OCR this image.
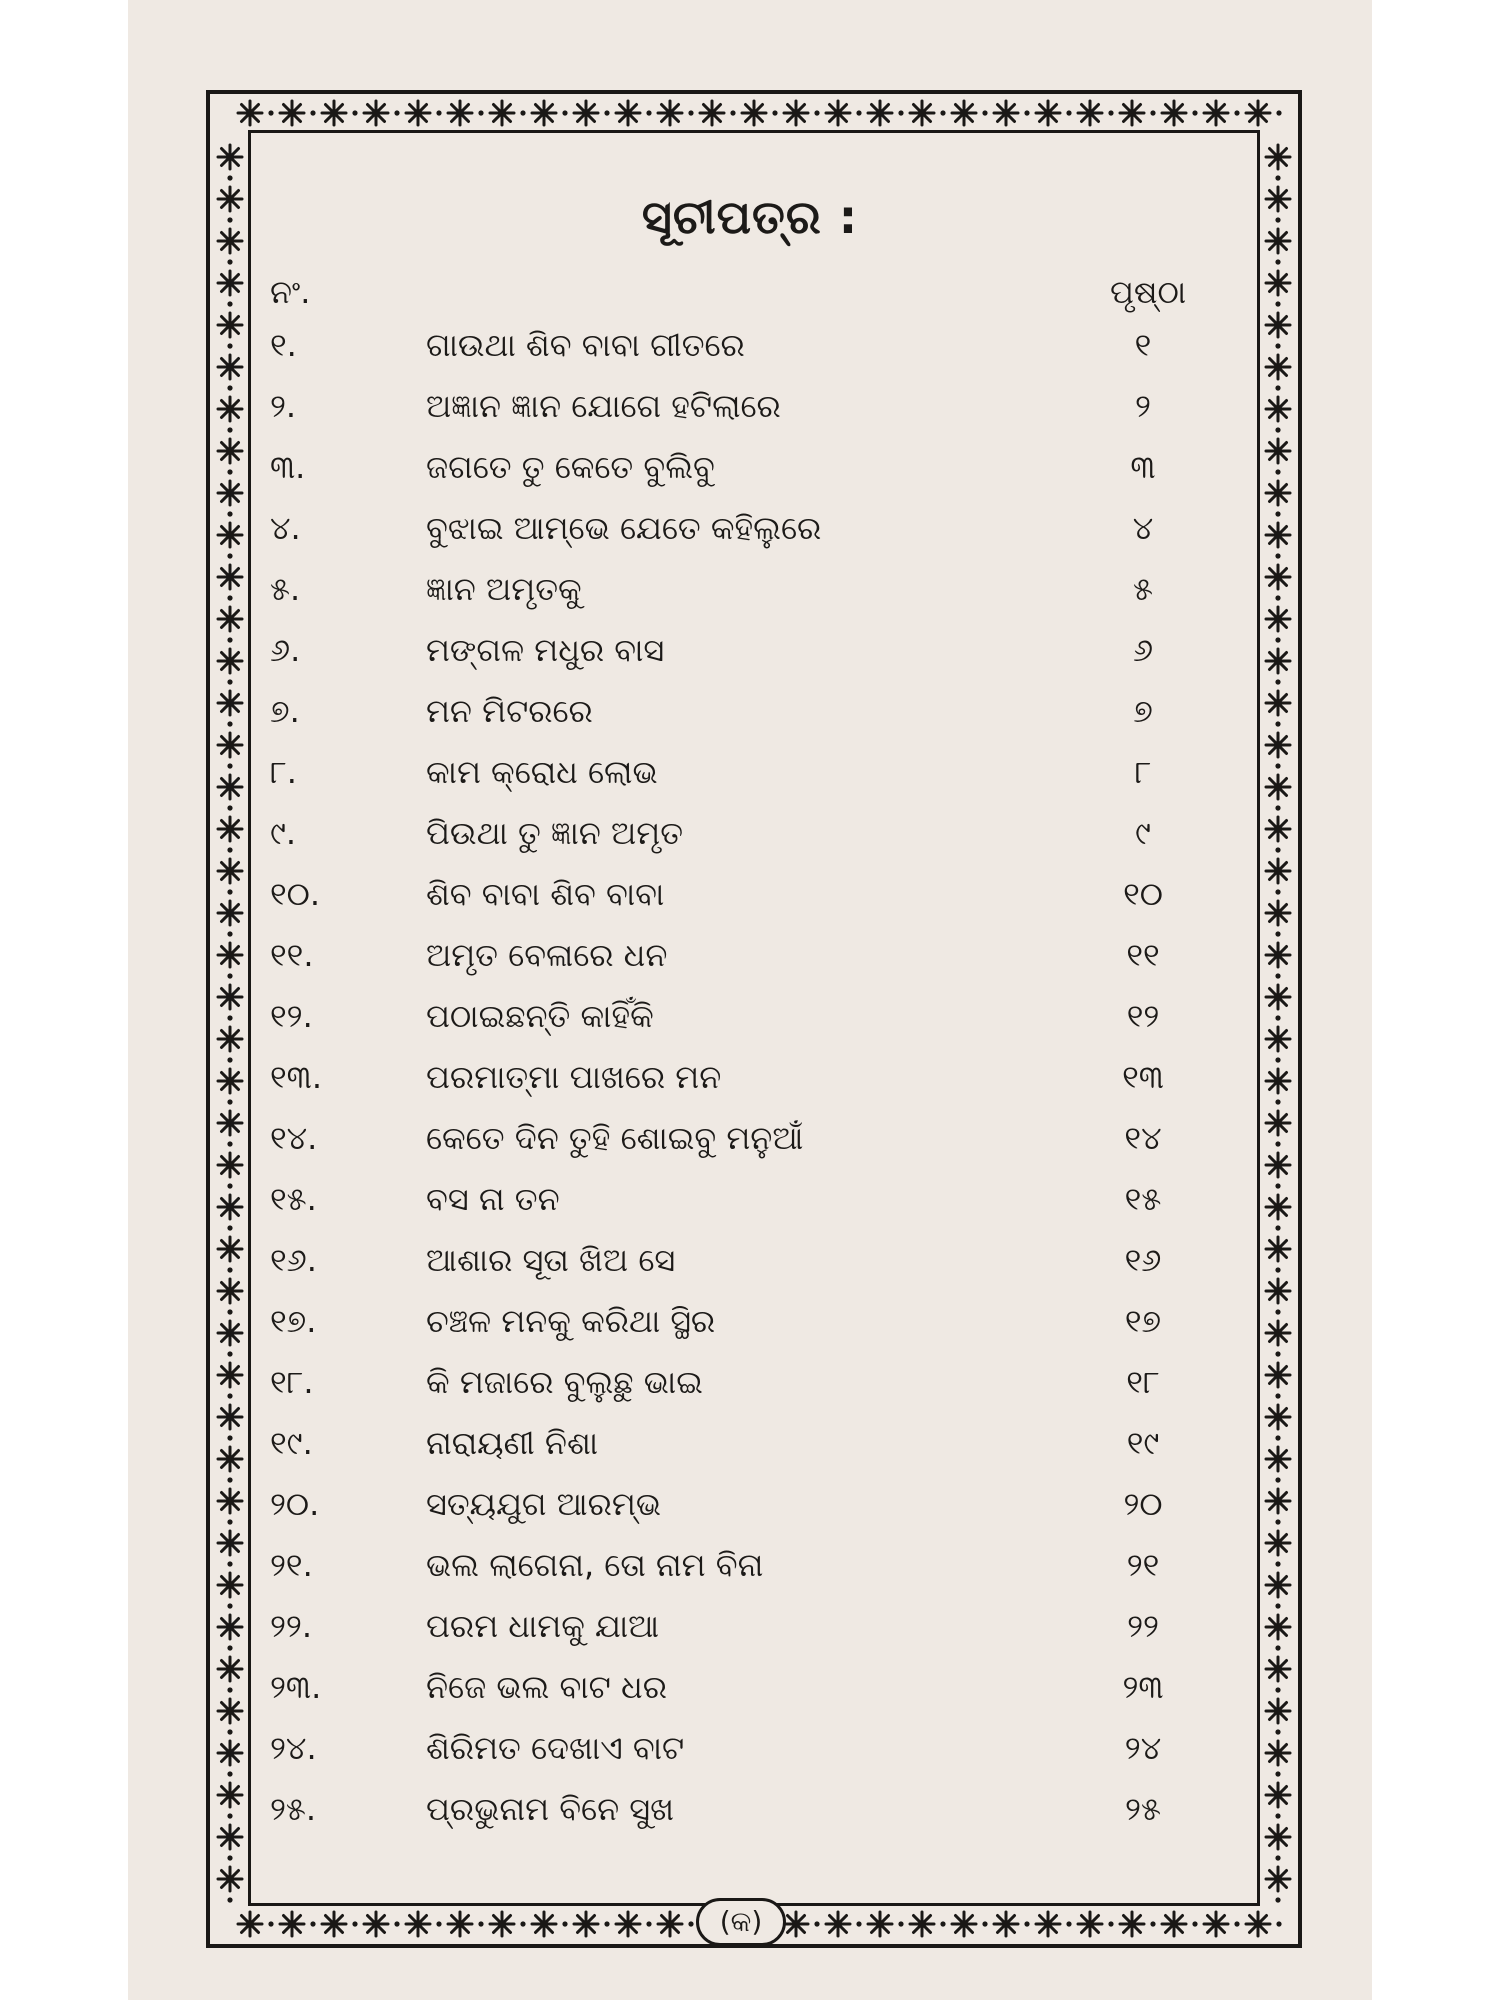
ସୂଚୀପତ୍ର :
ନଂ.	ପୃଷ୍ଠା
୧.	ଗାଉଥା ଶିବ ବାବା ଗୀତରେ	୧
୨.	ଅଜ୍ଞାନ ଜ୍ଞାନ ଯୋଗେ ହଟିଲାରେ	୨
୩.	ଜଗତେ ତୁ କେତେ ବୁଲିବୁ	୩
୪.	ବୁଝାଇ ଆମ୍ଭେ ଯେତେ କହିଲୁରେ	୪
୫.	ଜ୍ଞାନ ଅମୃତକୁ	୫
୬.	ମଙ୍ଗଳ ମଧୁର ବାସ	୬
୭.	ମନ ମିଟରରେ	୭
୮.	କାମ କ୍ରୋଧ ଲୋଭ	୮
୯.	ପିଉଥା ତୁ ଜ୍ଞାନ ଅମୃତ	୯
୧୦.	ଶିବ ବାବା ଶିବ ବାବା	୧୦
୧୧.	ଅମୃତ ବେଳାରେ ଧନ	୧୧
୧୨.	ପଠାଇଛନ୍ତି କାହିଁକି	୧୨
୧୩.	ପରମାତ୍ମା ପାଖରେ ମନ	୧୩
୧୪.	କେତେ ଦିନ ତୁହି ଶୋଇବୁ ମନୁଆଁ	୧୪
୧୫.	ବସ ନା ତନ	୧୫
୧୬.	ଆଶାର ସୂତା ଖିଅ ସେ	୧୬
୧୭.	ଚଞ୍ଚଳ ମନକୁ କରିଥା ସ୍ଥିର	୧୭
୧୮.	କି ମଜାରେ ବୁଲୁଛୁ ଭାଇ	୧୮
୧୯.	ନାରାୟଣୀ ନିଶା	୧୯
୨୦.	ସତ୍ୟଯୁଗ ଆରମ୍ଭ	୨୦
୨୧.	ଭଲ ଲାଗେନା, ତୋ ନାମ ବିନା	୨୧
୨୨.	ପରମ ଧାମକୁ ଯାଆ	୨୨
୨୩.	ନିଜେ ଭଲ ବାଟ ଧର	୨୩
୨୪.	ଶିରିମତ ଦେଖାଏ ବାଟ	୨୪
୨୫.	ପ୍ରଭୁନାମ ବିନେ ସୁଖ	୨୫
(କ)
